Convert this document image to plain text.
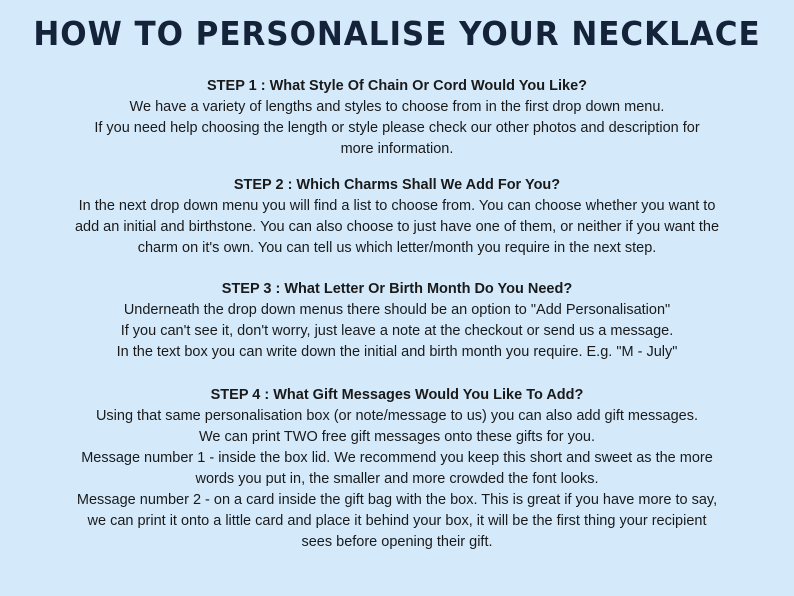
HOW TO PERSONALISE YOUR NECKLACE
STEP 1 : What Style Of Chain Or Cord Would You Like?
We have a variety of lengths and styles to choose from in the first drop down menu.
If you need help choosing the length or style please check our other photos and description for
more information.
STEP 2 : Which Charms Shall We Add For You?
In the next drop down menu you will find a list to choose from. You can choose whether you want to
add an initial and birthstone. You can also choose to just have one of them, or neither if you want the
charm on it's own. You can tell us which letter/month you require in the next step.
STEP 3 : What Letter Or Birth Month Do You Need?
Underneath the drop down menus there should be an option to "Add Personalisation"
If you can't see it, don't worry, just leave a note at the checkout or send us a message.
In the text box you can write down the initial and birth month you require. E.g. "M - July"
STEP 4 : What Gift Messages Would You Like To Add?
Using that same personalisation box (or note/message to us) you can also add gift messages.
We can print TWO free gift messages onto these gifts for you.
Message number 1 - inside the box lid. We recommend you keep this short and sweet as the more
words you put in, the smaller and more crowded the font looks.
Message number 2 - on a card inside the gift bag with the box. This is great if you have more to say,
we can print it onto a little card and place it behind your box, it will be the first thing your recipient
sees before opening their gift.
